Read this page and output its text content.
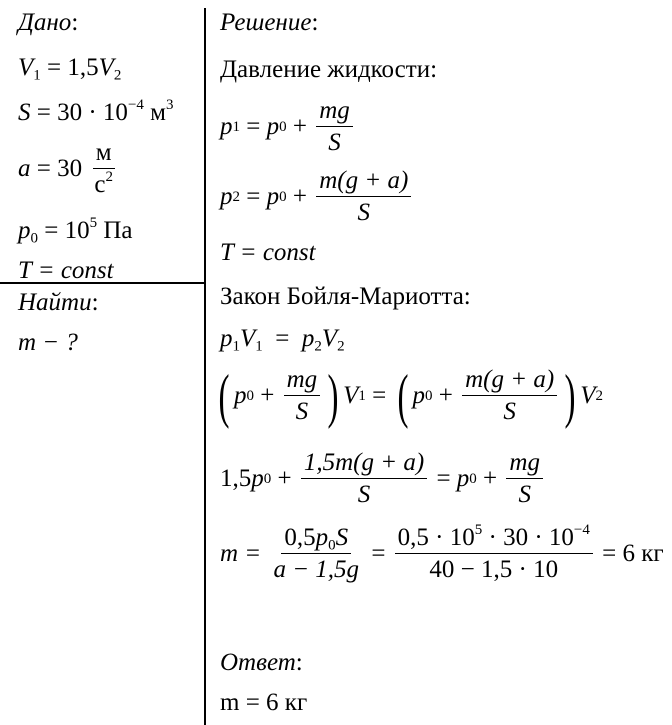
Дано:
$V_1 = 1,5V_2$
$S = 30 \cdot 10^{-4}$ $м^3$
$a = 30 \frac{м}{c^2}$
$p_0 = 10^5$ Па
T = const
Найти:
m − ?
Решение:
Давление жидкости:
p 1 = p $0 + \frac{mg}{S}$
p 2 = p $0 + \frac{m(g + a)}{S}$
T = const
Закон Бойля-Мариотта:
$p_1V_1 = p_2V_2$
( p $0 + \frac{mg}{S}$ ) V 1 = ( p $0 + \frac{m(g + a)}{S}$ ) V 2
1,5 p $0 + \frac{1,5m(g + a)}{S} = p$ $0 + \frac{mg}{S}$
$m = \frac{0,5p_0S}{a - 1,5g} = \frac{0,5 \cdot 10^5 \cdot 30 \cdot 10^{-4}}{40 - 1,5 \cdot 10} = 6$ кг
Ответ:
m = 6 кг
